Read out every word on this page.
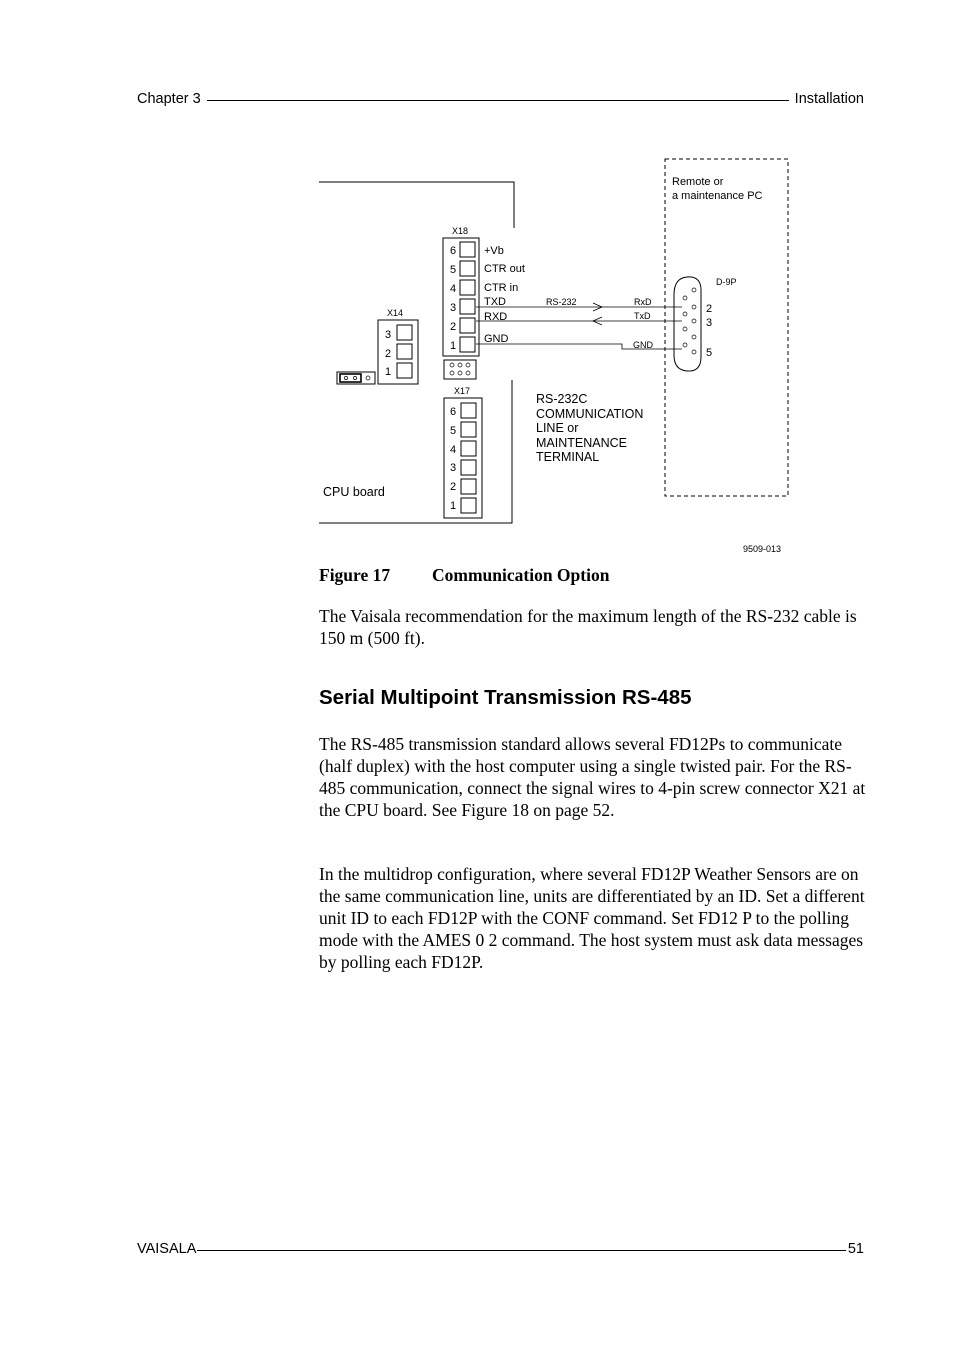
Chapter 3	Installation
Remote or
a maintenance PC
X18
6
5
4
3
2
1
+Vb
CTR out
CTR in
TXD
RXD
GND
RS-232	RxD
TxD
GND
D-9P
2
3
5
X14
3
2
1
X17
6
5
4
3
2
1
RS-232C
COMMUNICATION
LINE or
MAINTENANCE
TERMINAL
CPU board
9509-013
Figure 17 Communication Option

The Vaisala recommendation for the maximum length of the RS-232 cable is 150 m (500 ft).

Serial Multipoint Transmission RS-485

The RS-485 transmission standard allows several FD12Ps to communicate (half duplex) with the host computer using a single twisted pair. For the RS-485 communication, connect the signal wires to 4-pin screw connector X21 at the CPU board. See Figure 18 on page 52.

In the multidrop configuration, where several FD12P Weather Sensors are on the same communication line, units are differentiated by an ID. Set a different unit ID to each FD12P with the CONF command. Set FD12 P to the polling mode with the AMES 0 2 command. The host system must ask data messages by polling each FD12P.

VAISALA	51
